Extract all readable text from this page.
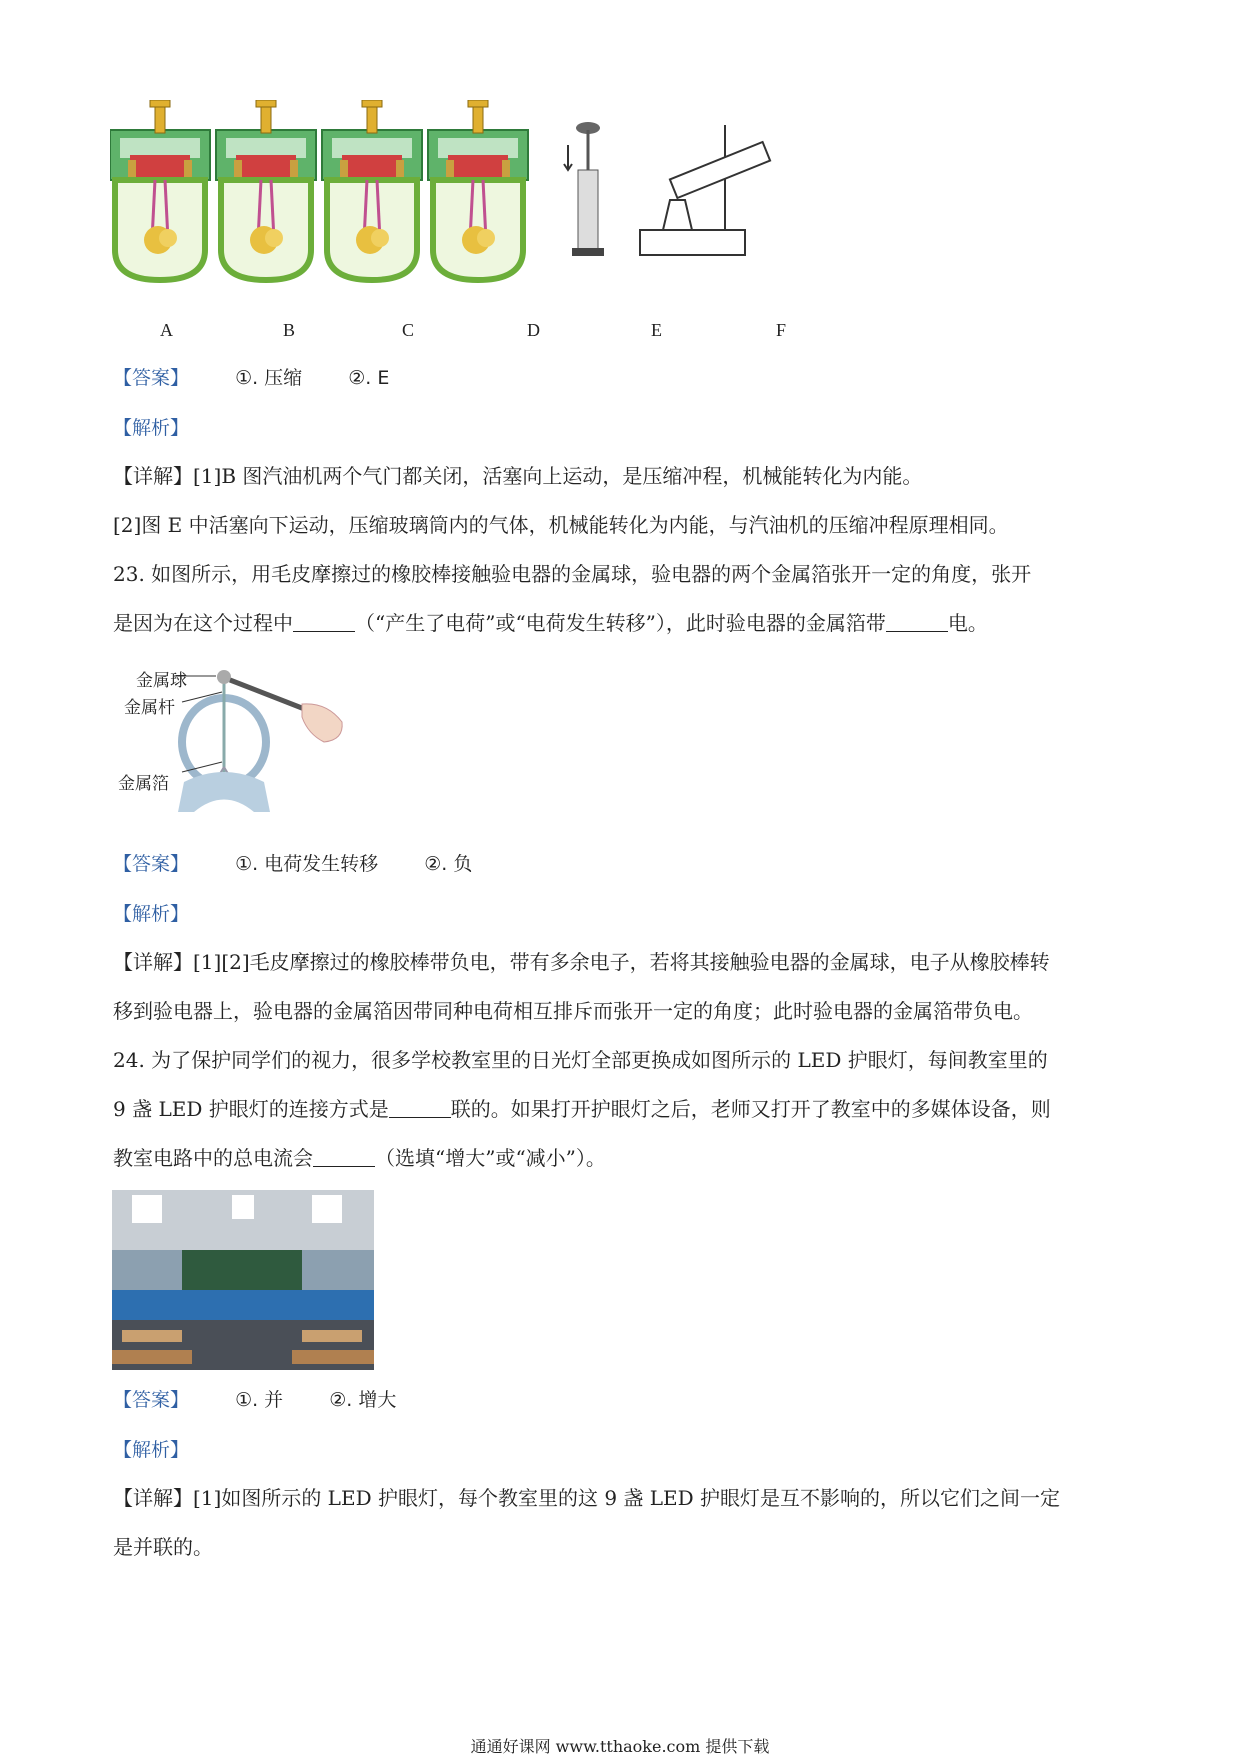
A	B	C	D	E	F
【答案】 ①. 压缩 ②. E
【解析】
【详解】[1]B 图汽油机两个气门都关闭，活塞向上运动，是压缩冲程，机械能转化为内能。
[2]图 E 中活塞向下运动，压缩玻璃筒内的气体，机械能转化为内能，与汽油机的压缩冲程原理相同。
23. 如图所示，用毛皮摩擦过的橡胶棒接触验电器的金属球，验电器的两个金属箔张开一定的角度，张开
是因为在这个过程中	（“产生了电荷”或“电荷发生转移”），此时验电器的金属箔带	电。
金属球
金属杆
金属箔
【答案】 ①. 电荷发生转移 ②. 负
【解析】
【详解】[1][2]毛皮摩擦过的橡胶棒带负电，带有多余电子，若将其接触验电器的金属球，电子从橡胶棒转
移到验电器上，验电器的金属箔因带同种电荷相互排斥而张开一定的角度；此时验电器的金属箔带负电。
24. 为了保护同学们的视力，很多学校教室里的日光灯全部更换成如图所示的 LED 护眼灯，每间教室里的
9 盏 LED 护眼灯的连接方式是	联的。如果打开护眼灯之后，老师又打开了教室中的多媒体设备，则
教室电路中的总电流会	（选填“增大”或“减小”）。
【答案】 ①. 并 ②. 增大
【解析】
【详解】[1]如图所示的 LED 护眼灯，每个教室里的这 9 盏 LED 护眼灯是互不影响的，所以它们之间一定
是并联的。
通通好课网 www.tthaoke.com 提供下载
